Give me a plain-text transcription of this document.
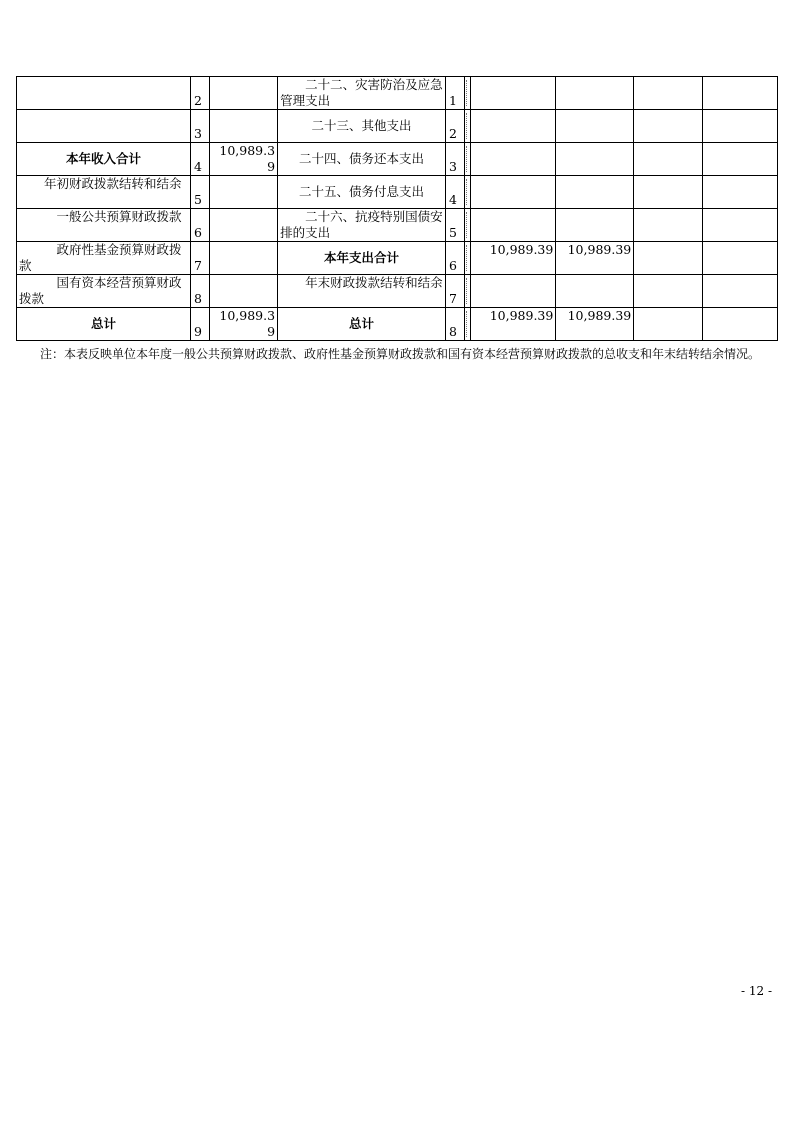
	2		二十二、灾害防治及应急管理支出	1					
	3		二十三、其他支出	2					
本年收入合计	4	10,989.39	二十四、债务还本支出	3					
年初财政拨款结转和结余	5		二十五、债务付息支出	4					
一般公共预算财政拨款	6		二十六、抗疫特别国债安排的支出	5					
政府性基金预算财政拨款	7		本年支出合计	6		10,989.39	10,989.39		
国有资本经营预算财政拨款	8		年末财政拨款结转和结余	7					
总计	9	10,989.39	总计	8		10,989.39	10,989.39		
注：本表反映单位本年度一般公共预算财政拨款、政府性基金预算财政拨款和国有资本经营预算财政拨款的总收支和年末结转结余情况。
- 12 -
